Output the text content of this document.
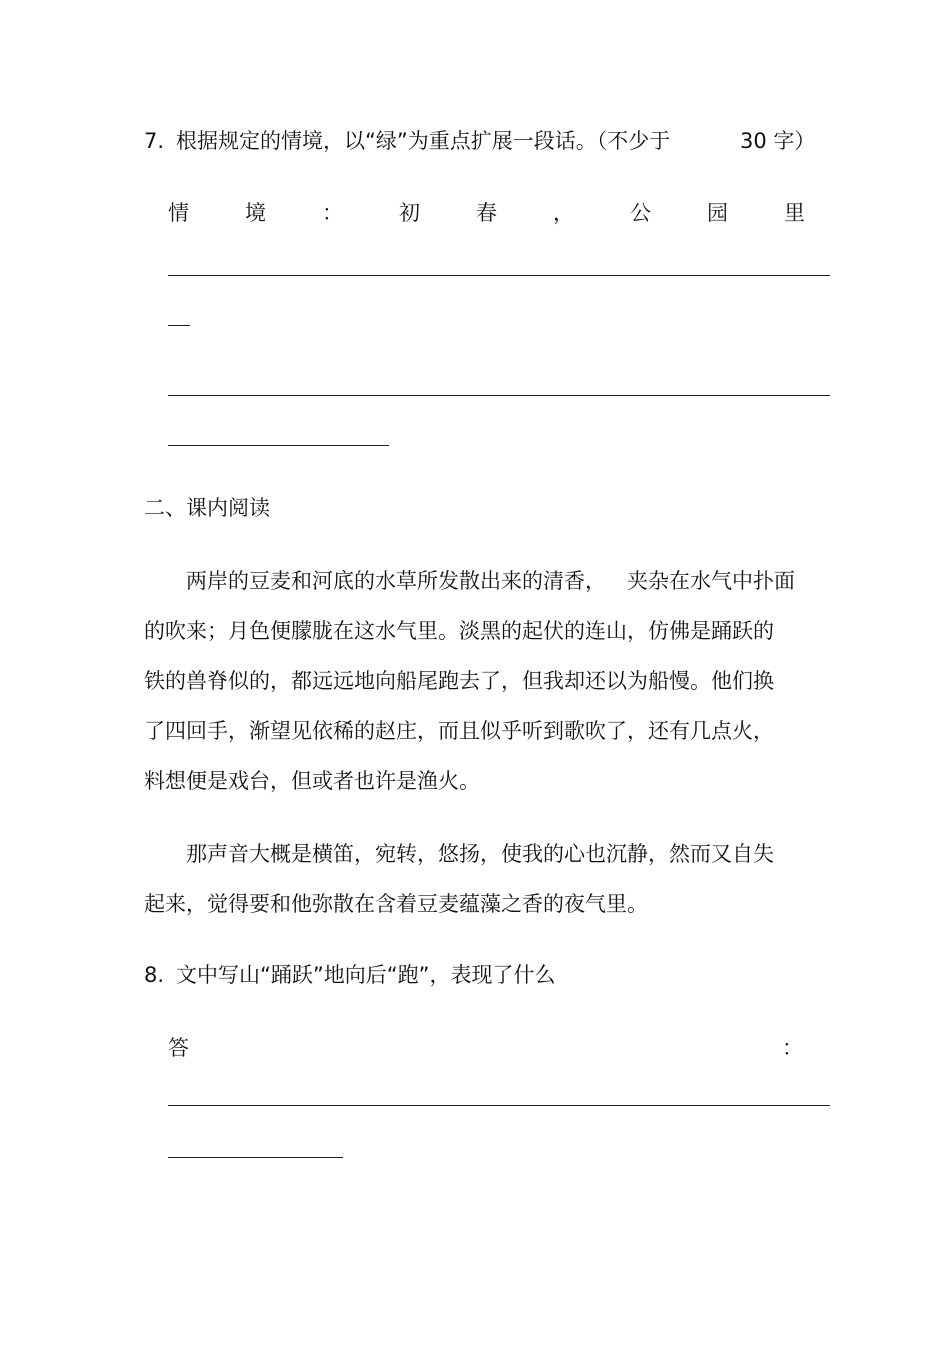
7. 根据规定的情境，以“绿”为重点扩展一段话。（不少于	30 字）
情	境	：	初	春	，	公	园	里
二、课内阅读
两岸的豆麦和河底的水草所发散出来的清香， 夹杂在水气中扑面
的吹来；月色便朦胧在这水气里。淡黑的起伏的连山，仿佛是踊跃的
铁的兽脊似的，都远远地向船尾跑去了，但我却还以为船慢。他们换
了四回手，渐望见依稀的赵庄，而且似乎听到歌吹了，还有几点火，
料想便是戏台，但或者也许是渔火。
那声音大概是横笛，宛转，悠扬，使我的心也沉静，然而又自失
起来，觉得要和他弥散在含着豆麦蕴藻之香的夜气里。
8. 文中写山“踊跃”地向后“跑”，表现了什么
答	：
